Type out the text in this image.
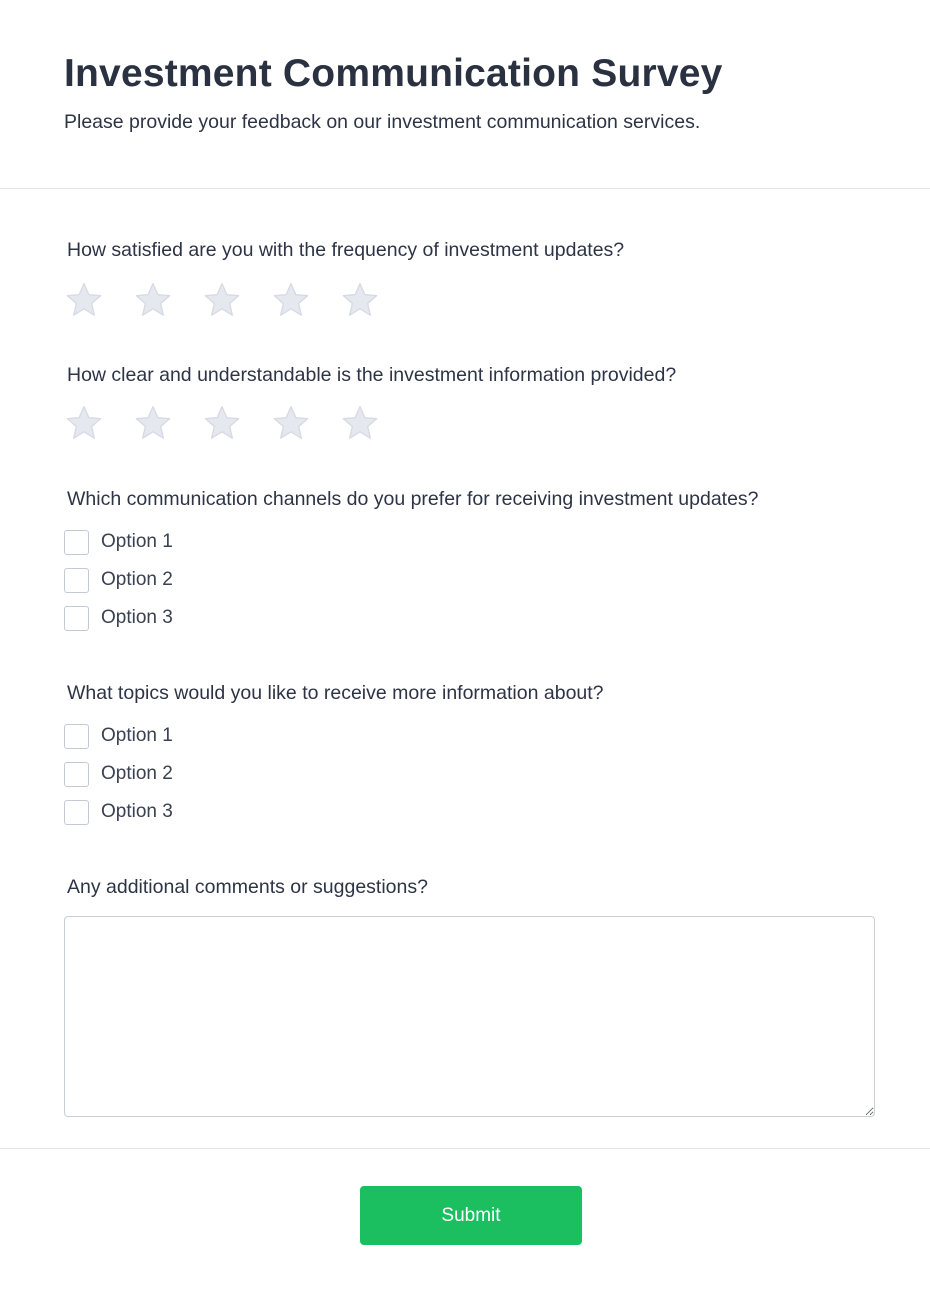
Investment Communication Survey

Please provide your feedback on our investment communication services.

How satisfied are you with the frequency of investment updates?
How clear and understandable is the investment information provided?
Which communication channels do you prefer for receiving investment updates?
Option 1
Option 2
Option 3
What topics would you like to receive more information about?
Option 1
Option 2
Option 3
Any additional comments or suggestions?
Submit
